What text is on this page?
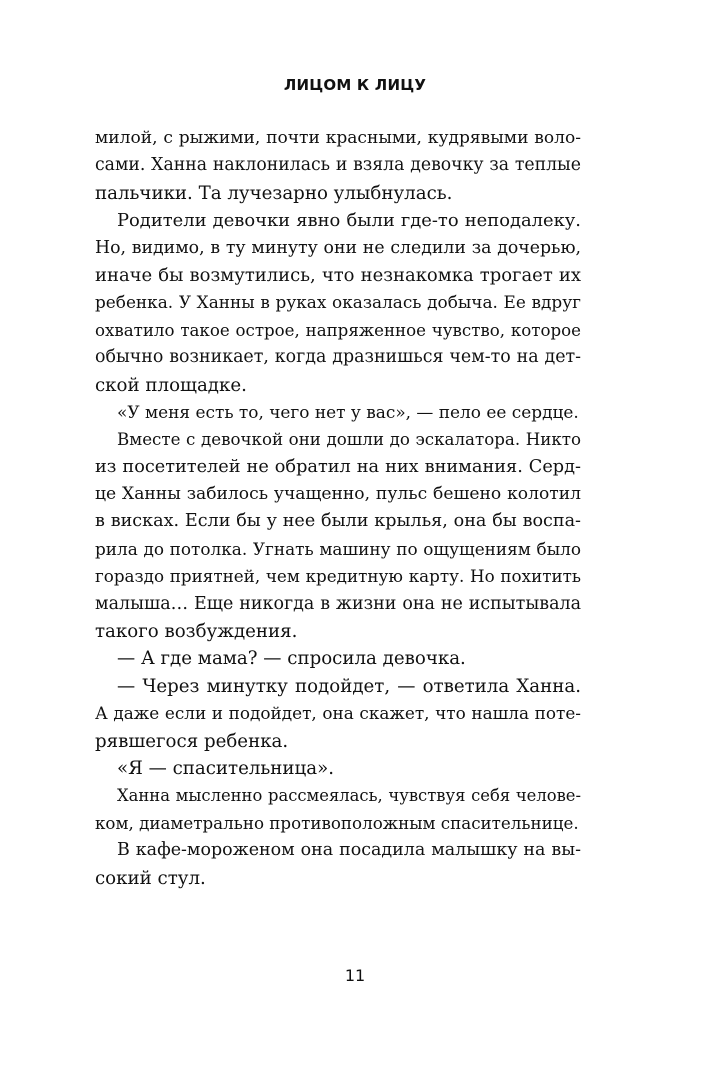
ЛИЦОМ К ЛИЦУ

милой, с рыжими, почти красными, кудрявыми воло-
сами. Ханна наклонилась и взяла девочку за теплые
пальчики. Та лучезарно улыбнулась.

Родители девочки явно были где-то неподалеку.
Но, видимо, в ту минуту они не следили за дочерью,
иначе бы возмутились, что незнакомка трогает их
ребенка. У Ханны в руках оказалась добыча. Ее вдруг
охватило такое острое, напряженное чувство, которое
обычно возникает, когда дразнишься чем-то на дет-
ской площадке.

«У меня есть то, чего нет у вас», — пело ее сердце.

Вместе с девочкой они дошли до эскалатора. Никто
из посетителей не обратил на них внимания. Серд-
це Ханны забилось учащенно, пульс бешено колотил
в висках. Если бы у нее были крылья, она бы воспа-
рила до потолка. Угнать машину по ощущениям было
гораздо приятней, чем кредитную карту. Но похитить
малыша… Еще никогда в жизни она не испытывала
такого возбуждения.

— А где мама? — спросила девочка.

— Через минутку подойдет, — ответила Ханна.
А даже если и подойдет, она скажет, что нашла поте-
рявшегося ребенка.

«Я — спасительница».

Ханна мысленно рассмеялась, чувствуя себя челове-
ком, диаметрально противоположным спасительнице.

В кафе-мороженом она посадила малышку на вы-
сокий стул.

11
